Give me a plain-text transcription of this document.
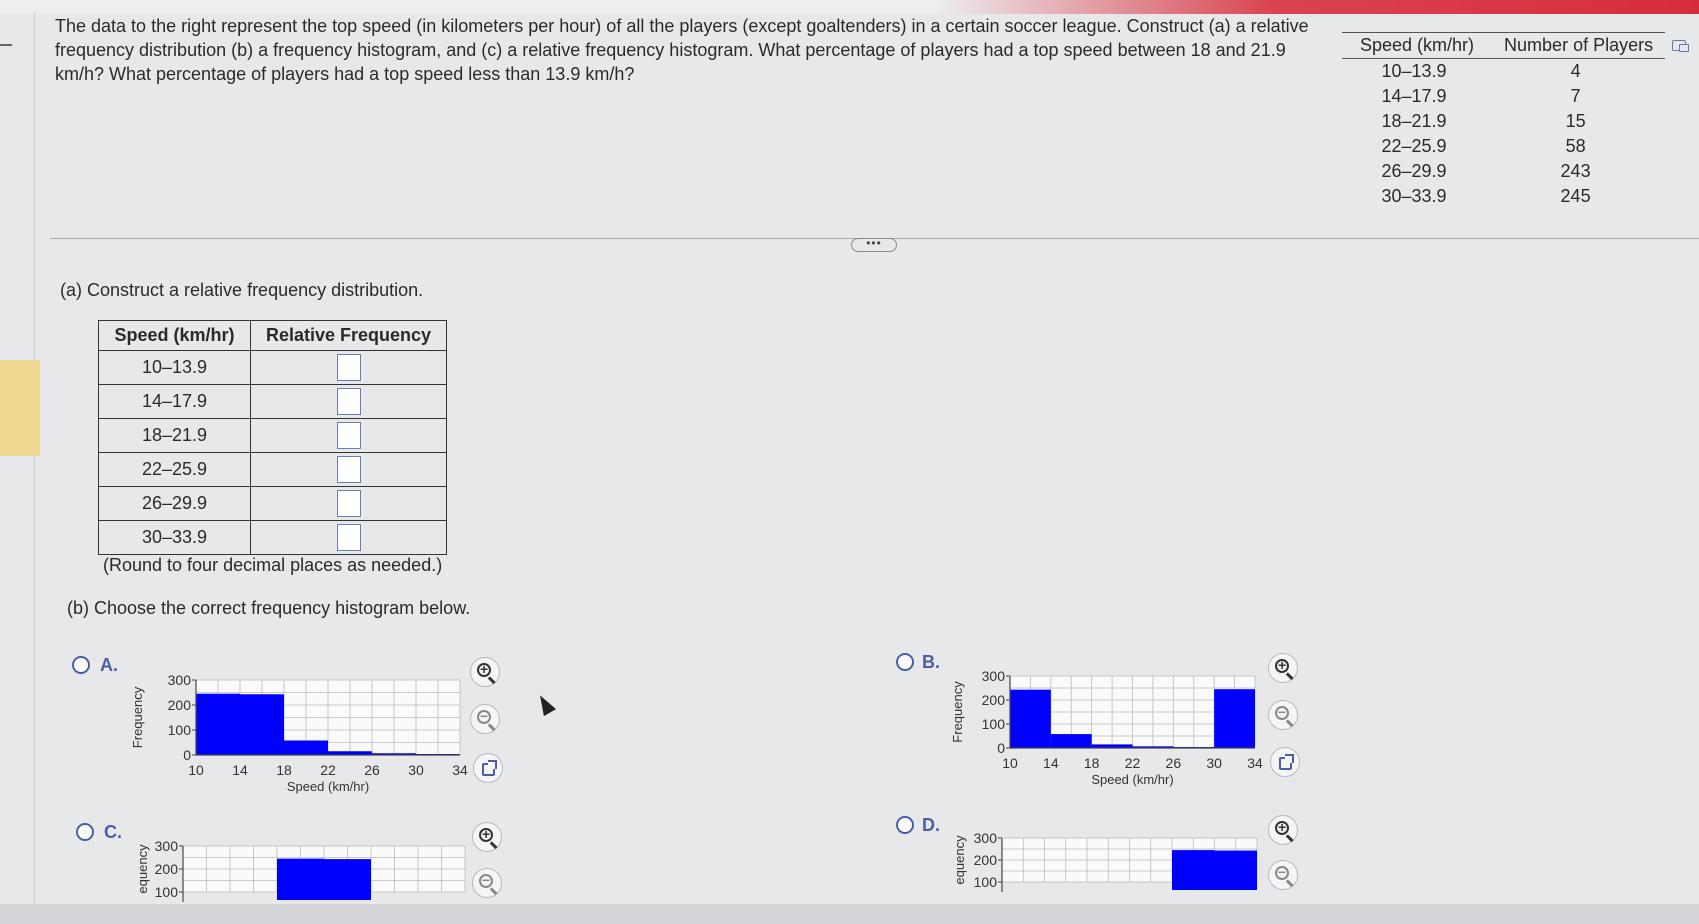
The data to the right represent the top speed (in kilometers per hour) of all the players (except goaltenders) in a certain soccer league. Construct (a) a relative frequency distribution (b) a frequency histogram, and (c) a relative frequency histogram. What percentage of players had a top speed between 18 and 21.9 km/h? What percentage of players had a top speed less than 13.9 km/h?
Speed (km/hr)	Number of Players
10–13.9	4
14–17.9	7
18–21.9	15
22–25.9	58
26–29.9	243
30–33.9	245
•••
(a) Construct a relative frequency distribution.
Speed (km/hr)	Relative Frequency
10–13.9	
14–17.9	
18–21.9	
22–25.9	
26–29.9	
30–33.9	
(Round to four decimal places as needed.)
(b) Choose the correct frequency histogram below.
A.
0
100
200
300
10 14 18 22 26 30 34
Speed (km/hr)
Frequency
+
−
B.
0
100
200
300
10 14 18 22 26 30 34
Speed (km/hr)
Frequency
+
−
C.
100
200
300
equency
+
−
D.
100
200
300
equency
+
−
